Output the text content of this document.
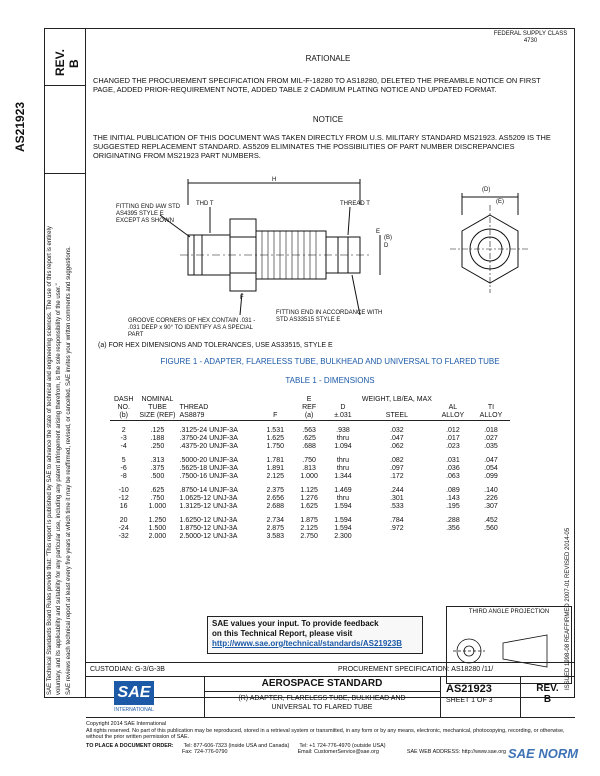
REV. B
AS21923
SAE Technical Standards Board Rules provide that: "This report is published by SAE to advance the state of technical and engineering sciences. The use of this report is entirely voluntary, and its applicability and suitability for any particular use, including any patent infringement arising therefrom, is the sole responsibility of the user." SAE reviews each technical report at least every five years at which time it may be reaffirmed, revised, or cancelled. SAE invites your written comments and suggestions.	ISSUED 1998-08 REAFFIRMED 2007-01 REVISED 2014-05
FEDERAL SUPPLY CLASS
4730
RATIONALE
CHANGED THE PROCUREMENT SPECIFICATION FROM MIL-F-18280 TO AS18280, DELETED THE PREAMBLE NOTICE ON FIRST PAGE, ADDED PRIOR-REQUIREMENT NOTE, ADDED TABLE 2 CADMIUM PLATING NOTICE AND UPDATED FORMAT.
NOTICE
THE INITIAL PUBLICATION OF THIS DOCUMENT WAS TAKEN DIRECTLY FROM U.S. MILITARY STANDARD MS21923. AS5209 IS THE SUGGESTED REPLACEMENT STANDARD. AS5209 ELIMINATES THE POSSIBILITIES OF PART NUMBER DISCREPANCIES ORIGINATING FROM MS21923 PART NUMBERS.
H
THD T	THREAD T
E
(B)
D
F
(D)
(E)
FITTING END IAW STD AS4395 STYLE E EXCEPT AS SHOWN
GROOVE CORNERS OF HEX CONTAIN .031 - .031 DEEP x 90° TO IDENTIFY AS A SPECIAL PART
FITTING END IN ACCORDANCE WITH STD AS33515 STYLE E
(a) FOR HEX DIMENSIONS AND TOLERANCES, USE AS33515, STYLE E
FIGURE 1 - ADAPTER, FLARELESS TUBE, BULKHEAD AND UNIVERSAL TO FLARED TUBE
TABLE 1 - DIMENSIONS
DASH	NOMINAL			E		WEIGHT, LB/EA, MAX		
NO.	TUBE	THREAD		REF	D		AL	TI
(b)	SIZE (REF)	AS8879	F	(a)	±.031	STEEL	ALLOY	ALLOY

2	.125	.3125-24 UNJF-3A	1.531	.563	.938	.032	.012	.018
-3	.188	.3750-24 UNJF-3A	1.625	.625	thru	.047	.017	.027
-4	.250	.4375-20 UNJF-3A	1.750	.688	1.094	.062	.023	.035

5	.313	.5000-20 UNJF-3A	1.781	.750	thru	.082	.031	.047
-6	.375	.5625-18 UNJF-3A	1.891	.813	thru	.097	.036	.054
-8	.500	.7500-16 UNJF-3A	2.125	1.000	1.344	.172	.063	.099

-10	.625	.8750-14 UNJF-3A	2.375	1.125	1.469	.244	.089	.140
-12	.750	1.0625-12 UNJ-3A	2.656	1.276	thru	.301	.143	.226
16	1.000	1.3125-12 UNJ-3A	2.688	1.625	1.594	.533	.195	.307

20	1.250	1.6250-12 UNJ-3A	2.734	1.875	1.594	.784	.288	.452
-24	1.500	1.8750-12 UNJ-3A	2.875	2.125	1.594	.972	.356	.560
-32	2.000	2.5000-12 UNJ-3A	3.583	2.750	2.300			
THIRD ANGLE PROJECTION
SAE values your input. To provide feedback
on this Technical Report, please visit
http://www.sae.org/technical/standards/AS21923B
CUSTODIAN: G-3/G-3B	PROCUREMENT SPECIFICATION: AS18280 /11/
SAE
INTERNATIONAL
AEROSPACE STANDARD
(R) ADAPTER, FLARELESS TUBE, BULKHEAD AND UNIVERSAL TO FLARED TUBE
AS21923
SHEET 1 OF 3
REV.
B
Copyright 2014 SAE International
All rights reserved. No part of this publication may be reproduced, stored in a retrieval system or transmitted, in any form or by any means, electronic, mechanical, photocopying, recording, or otherwise, without the prior written permission of SAE.
TO PLACE A DOCUMENT ORDER: Tel: 877-606-7323 (inside USA and Canada) Tel: +1 724-776-4970 (outside USA)
Fax: 724-776-0790	Email: CustomerService@sae.org	SAE WEB ADDRESS: http://www.sae.org SAE NORM
